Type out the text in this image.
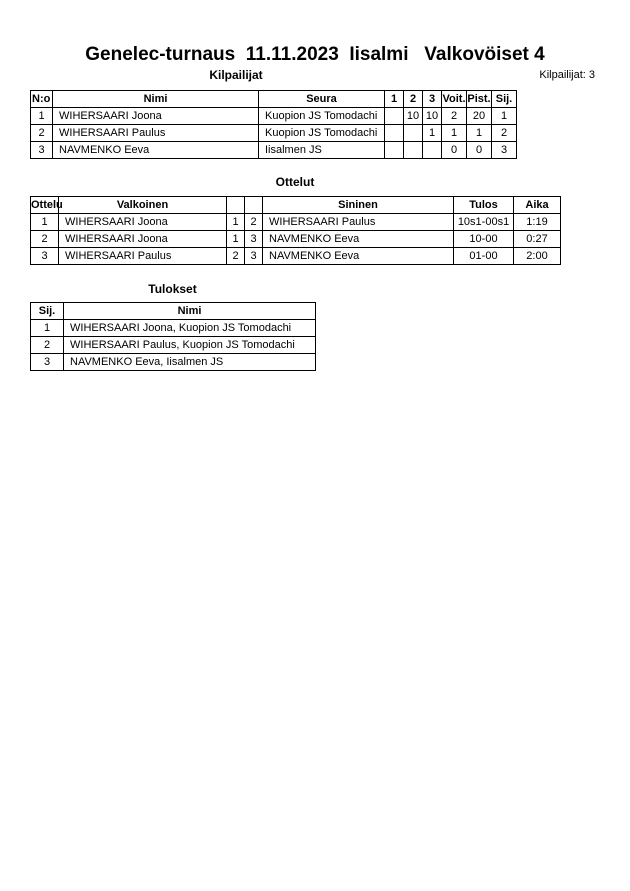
Genelec-turnaus  11.11.2023  Iisalmi   Valkovöiset 4
Kilpailijat	Kilpailijat: 3
N:o	Nimi	Seura	1	2	3	Voit.	Pist.	Sij.
1	WIHERSAARI Joona	Kuopion JS Tomodachi		10	10	2	20	1
2	WIHERSAARI Paulus	Kuopion JS Tomodachi			1	1	1	2
3	NAVMENKO Eeva	Iisalmen JS				0	0	3
Ottelut
Ottelu	Valkoinen			Sininen	Tulos	Aika
1	WIHERSAARI Joona	1	2	WIHERSAARI Paulus	10s1-00s1	1:19
2	WIHERSAARI Joona	1	3	NAVMENKO Eeva	10-00	0:27
3	WIHERSAARI Paulus	2	3	NAVMENKO Eeva	01-00	2:00
Tulokset
Sij.	Nimi
1	WIHERSAARI Joona, Kuopion JS Tomodachi
2	WIHERSAARI Paulus, Kuopion JS Tomodachi
3	NAVMENKO Eeva, Iisalmen JS
